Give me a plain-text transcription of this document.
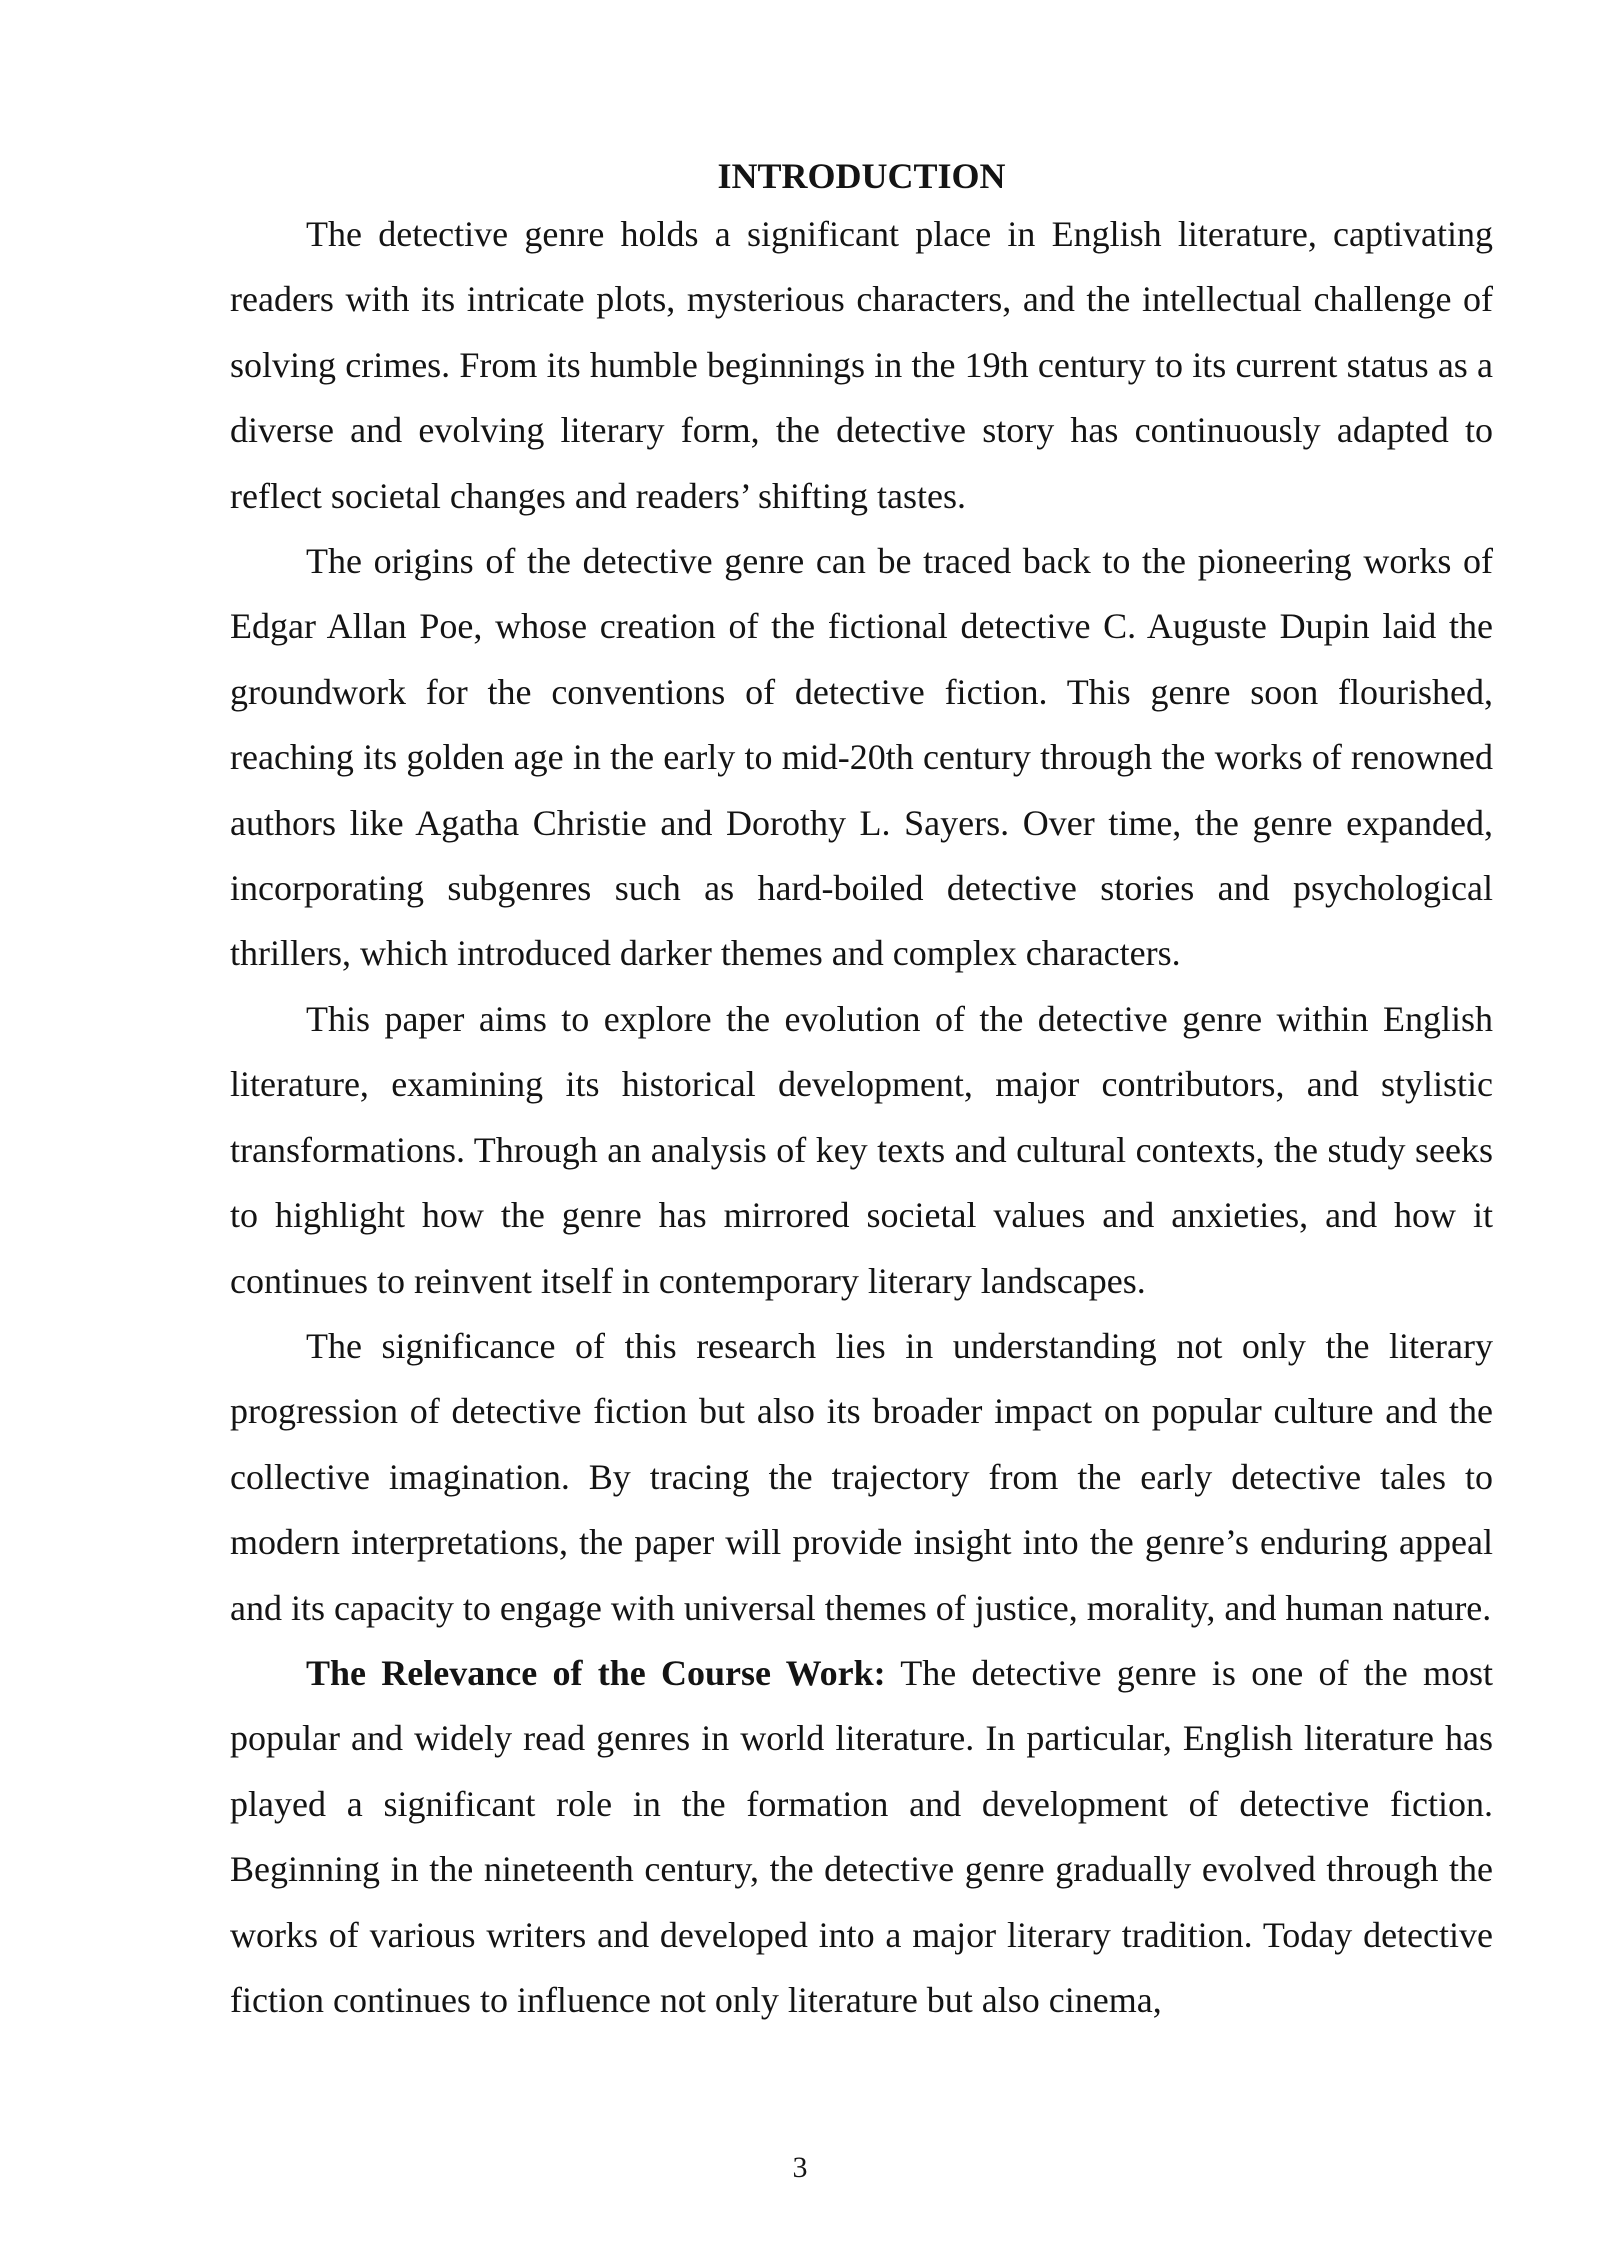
INTRODUCTION

The detective genre holds a significant place in English literature, captivating readers with its intricate plots, mysterious characters, and the intellectual challenge of solving crimes. From its humble beginnings in the 19th century to its current status as a diverse and evolving literary form, the detective story has continuously adapted to reflect societal changes and readers’ shifting tastes.

The origins of the detective genre can be traced back to the pioneering works of Edgar Allan Poe, whose creation of the fictional detective C. Auguste Dupin laid the groundwork for the conventions of detective fiction. This genre soon flourished, reaching its golden age in the early to mid-20th century through the works of renowned authors like Agatha Christie and Dorothy L. Sayers. Over time, the genre expanded, incorporating subgenres such as hard-boiled detective stories and psychological thrillers, which introduced darker themes and complex characters.

This paper aims to explore the evolution of the detective genre within English literature, examining its historical development, major contributors, and stylistic transformations. Through an analysis of key texts and cultural contexts, the study seeks to highlight how the genre has mirrored societal values and anxieties, and how it continues to reinvent itself in contemporary literary landscapes.

The significance of this research lies in understanding not only the literary progression of detective fiction but also its broader impact on popular culture and the collective imagination. By tracing the trajectory from the early detective tales to modern interpretations, the paper will provide insight into the genre’s enduring appeal and its capacity to engage with universal themes of justice, morality, and human nature.

The Relevance of the Course Work: The detective genre is one of the most popular and widely read genres in world literature. In particular, English literature has played a significant role in the formation and development of detective fiction. Beginning in the nineteenth century, the detective genre gradually evolved through the works of various writers and developed into a major literary tradition. Today detective fiction continues to influence not only literature but also cinema,

3
